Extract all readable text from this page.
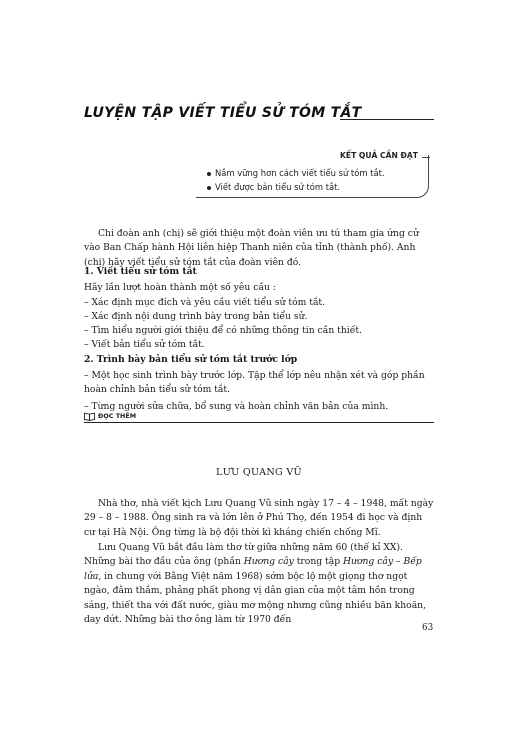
LUYỆN TẬP VIẾT TIỂU SỬ TÓM TẮT
KẾT QUẢ CẦN ĐẠT
Nắm vững hơn cách viết tiểu sử tóm tắt.
Viết được bản tiểu sử tóm tắt.
Chi đoàn anh (chị) sẽ giới thiệu một đoàn viên ưu tú tham gia ứng cử vào Ban Chấp hành Hội liên hiệp Thanh niên của tỉnh (thành phố). Anh (chị) hãy viết tiểu sử tóm tắt của đoàn viên đó.
1. Viết tiểu sử tóm tắt
Hãy lần lượt hoàn thành một số yêu cầu :
– Xác định mục đích và yêu cầu viết tiểu sử tóm tắt.
– Xác định nội dung trình bày trong bản tiểu sử.
– Tìm hiểu người giới thiệu để có những thông tin cần thiết.
– Viết bản tiểu sử tóm tắt.
2. Trình bày bản tiểu sử tóm tắt trước lớp
– Một học sinh trình bày trước lớp. Tập thể lớp nêu nhận xét và góp phần hoàn chỉnh bản tiểu sử tóm tắt.
– Từng người sửa chữa, bổ sung và hoàn chỉnh văn bản của mình.
ĐỌC THÊM
LƯU QUANG VŨ
Nhà thơ, nhà viết kịch Lưu Quang Vũ sinh ngày 17 – 4 – 1948, mất ngày 29 – 8 – 1988. Ông sinh ra và lớn lên ở Phú Thọ, đến 1954 đi học và định cư tại Hà Nội. Ông từng là bộ đội thời kì kháng chiến chống Mĩ.
Lưu Quang Vũ bắt đầu làm thơ từ giữa những năm 60 (thế kỉ XX). Những bài thơ đầu của ông (phần Hương cây trong tập Hương cây – Bếp lửa, in chung với Bằng Việt năm 1968) sớm bộc lộ một giọng thơ ngọt ngào, đằm thắm, phảng phất phong vị dân gian của một tâm hồn trong sáng, thiết tha với đất nước, giàu mơ mộng nhưng cũng nhiều băn khoăn, day dứt. Những bài thơ ông làm từ 1970 đến
63
